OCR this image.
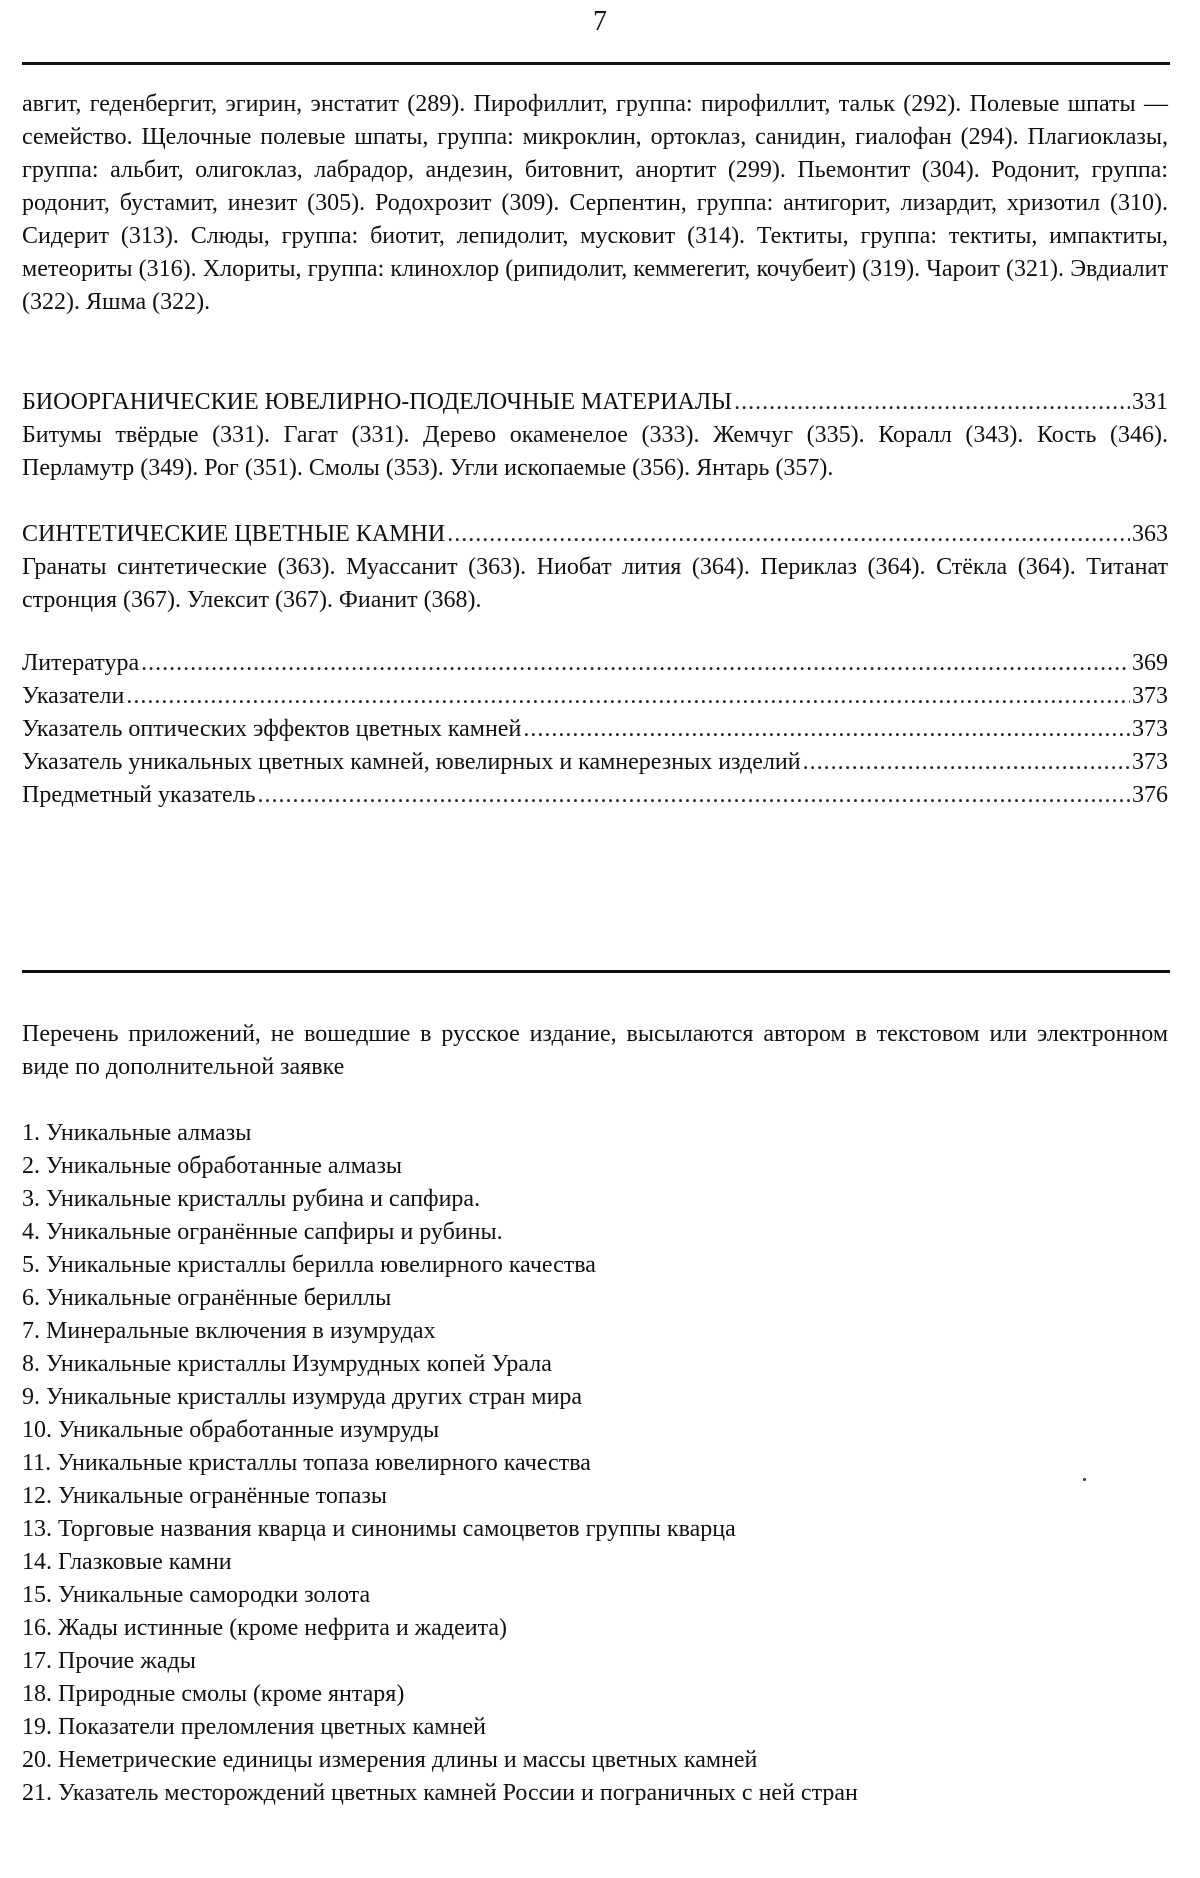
7

авгит, геденбергит, эгирин, энстатит (289). Пирофиллит, группа: пирофиллит, тальк (292). Полевые шпаты — семейство. Щелочные полевые шпаты, группа: микроклин, ортоклаз, санидин, гиалофан (294). Плагиоклазы, группа: альбит, олигоклаз, лабрадор, андезин, битовнит, анортит (299). Пьемонтит (304). Родонит, группа: родонит, бустамит, инезит (305). Родохрозит (309). Серпентин, группа: антигорит, лизардит, хризотил (310). Сидерит (313). Слюды, группа: биотит, лепидолит, мусковит (314). Тектиты, группа: тектиты, импактиты, метеориты (316). Хлориты, группа: клинохлор (рипидолит, кеммererит, кочубеит) (319). Чароит (321). Эвдиалит (322). Яшма (322).

БИООРГАНИЧЕСКИЕ ЮВЕЛИРНО-ПОДЕЛОЧНЫЕ МАТЕРИАЛЫ .....	331

Битумы твёрдые (331). Гагат (331). Дерево окаменелое (333). Жемчуг (335). Коралл (343). Кость (346). Перламутр (349). Рог (351). Смолы (353). Угли ископаемые (356). Янтарь (357).

СИНТЕТИЧЕСКИЕ ЦВЕТНЫЕ КАМНИ .....	363

Гранаты синтетические (363). Муассанит (363). Ниобат лития (364). Периклаз (364). Стёкла (364). Титанат стронция (367). Улексит (367). Фианит (368).

Литература .....	369
Указатели .....	373
Указатель оптических эффектов цветных камней .....	373
Указатель уникальных цветных камней, ювелирных и камнерезных изделий .....	373
Предметный указатель .....	376

Перечень приложений, не вошедшие в русское издание, высылаются автором в текстовом или электронном виде по дополнительной заявке

1. Уникальные алмазы
2. Уникальные обработанные алмазы
3. Уникальные кристаллы рубина и сапфира.
4. Уникальные огранённые сапфиры и рубины.
5. Уникальные кристаллы берилла ювелирного качества
6. Уникальные огранённые бериллы
7. Минеральные включения в изумрудах
8. Уникальные кристаллы Изумрудных копей Урала
9. Уникальные кристаллы изумруда других стран мира
10. Уникальные обработанные изумруды
11. Уникальные кристаллы топаза ювелирного качества
12. Уникальные огранённые топазы
13. Торговые названия кварца и синонимы самоцветов группы кварца
14. Глазковые камни
15. Уникальные самородки золота
16. Жады истинные (кроме нефрита и жадеита)
17. Прочие жады
18. Природные смолы (кроме янтаря)
19. Показатели преломления цветных камней
20. Неметрические единицы измерения длины и массы цветных камней
21. Указатель месторождений цветных камней России и пограничных с ней стран
